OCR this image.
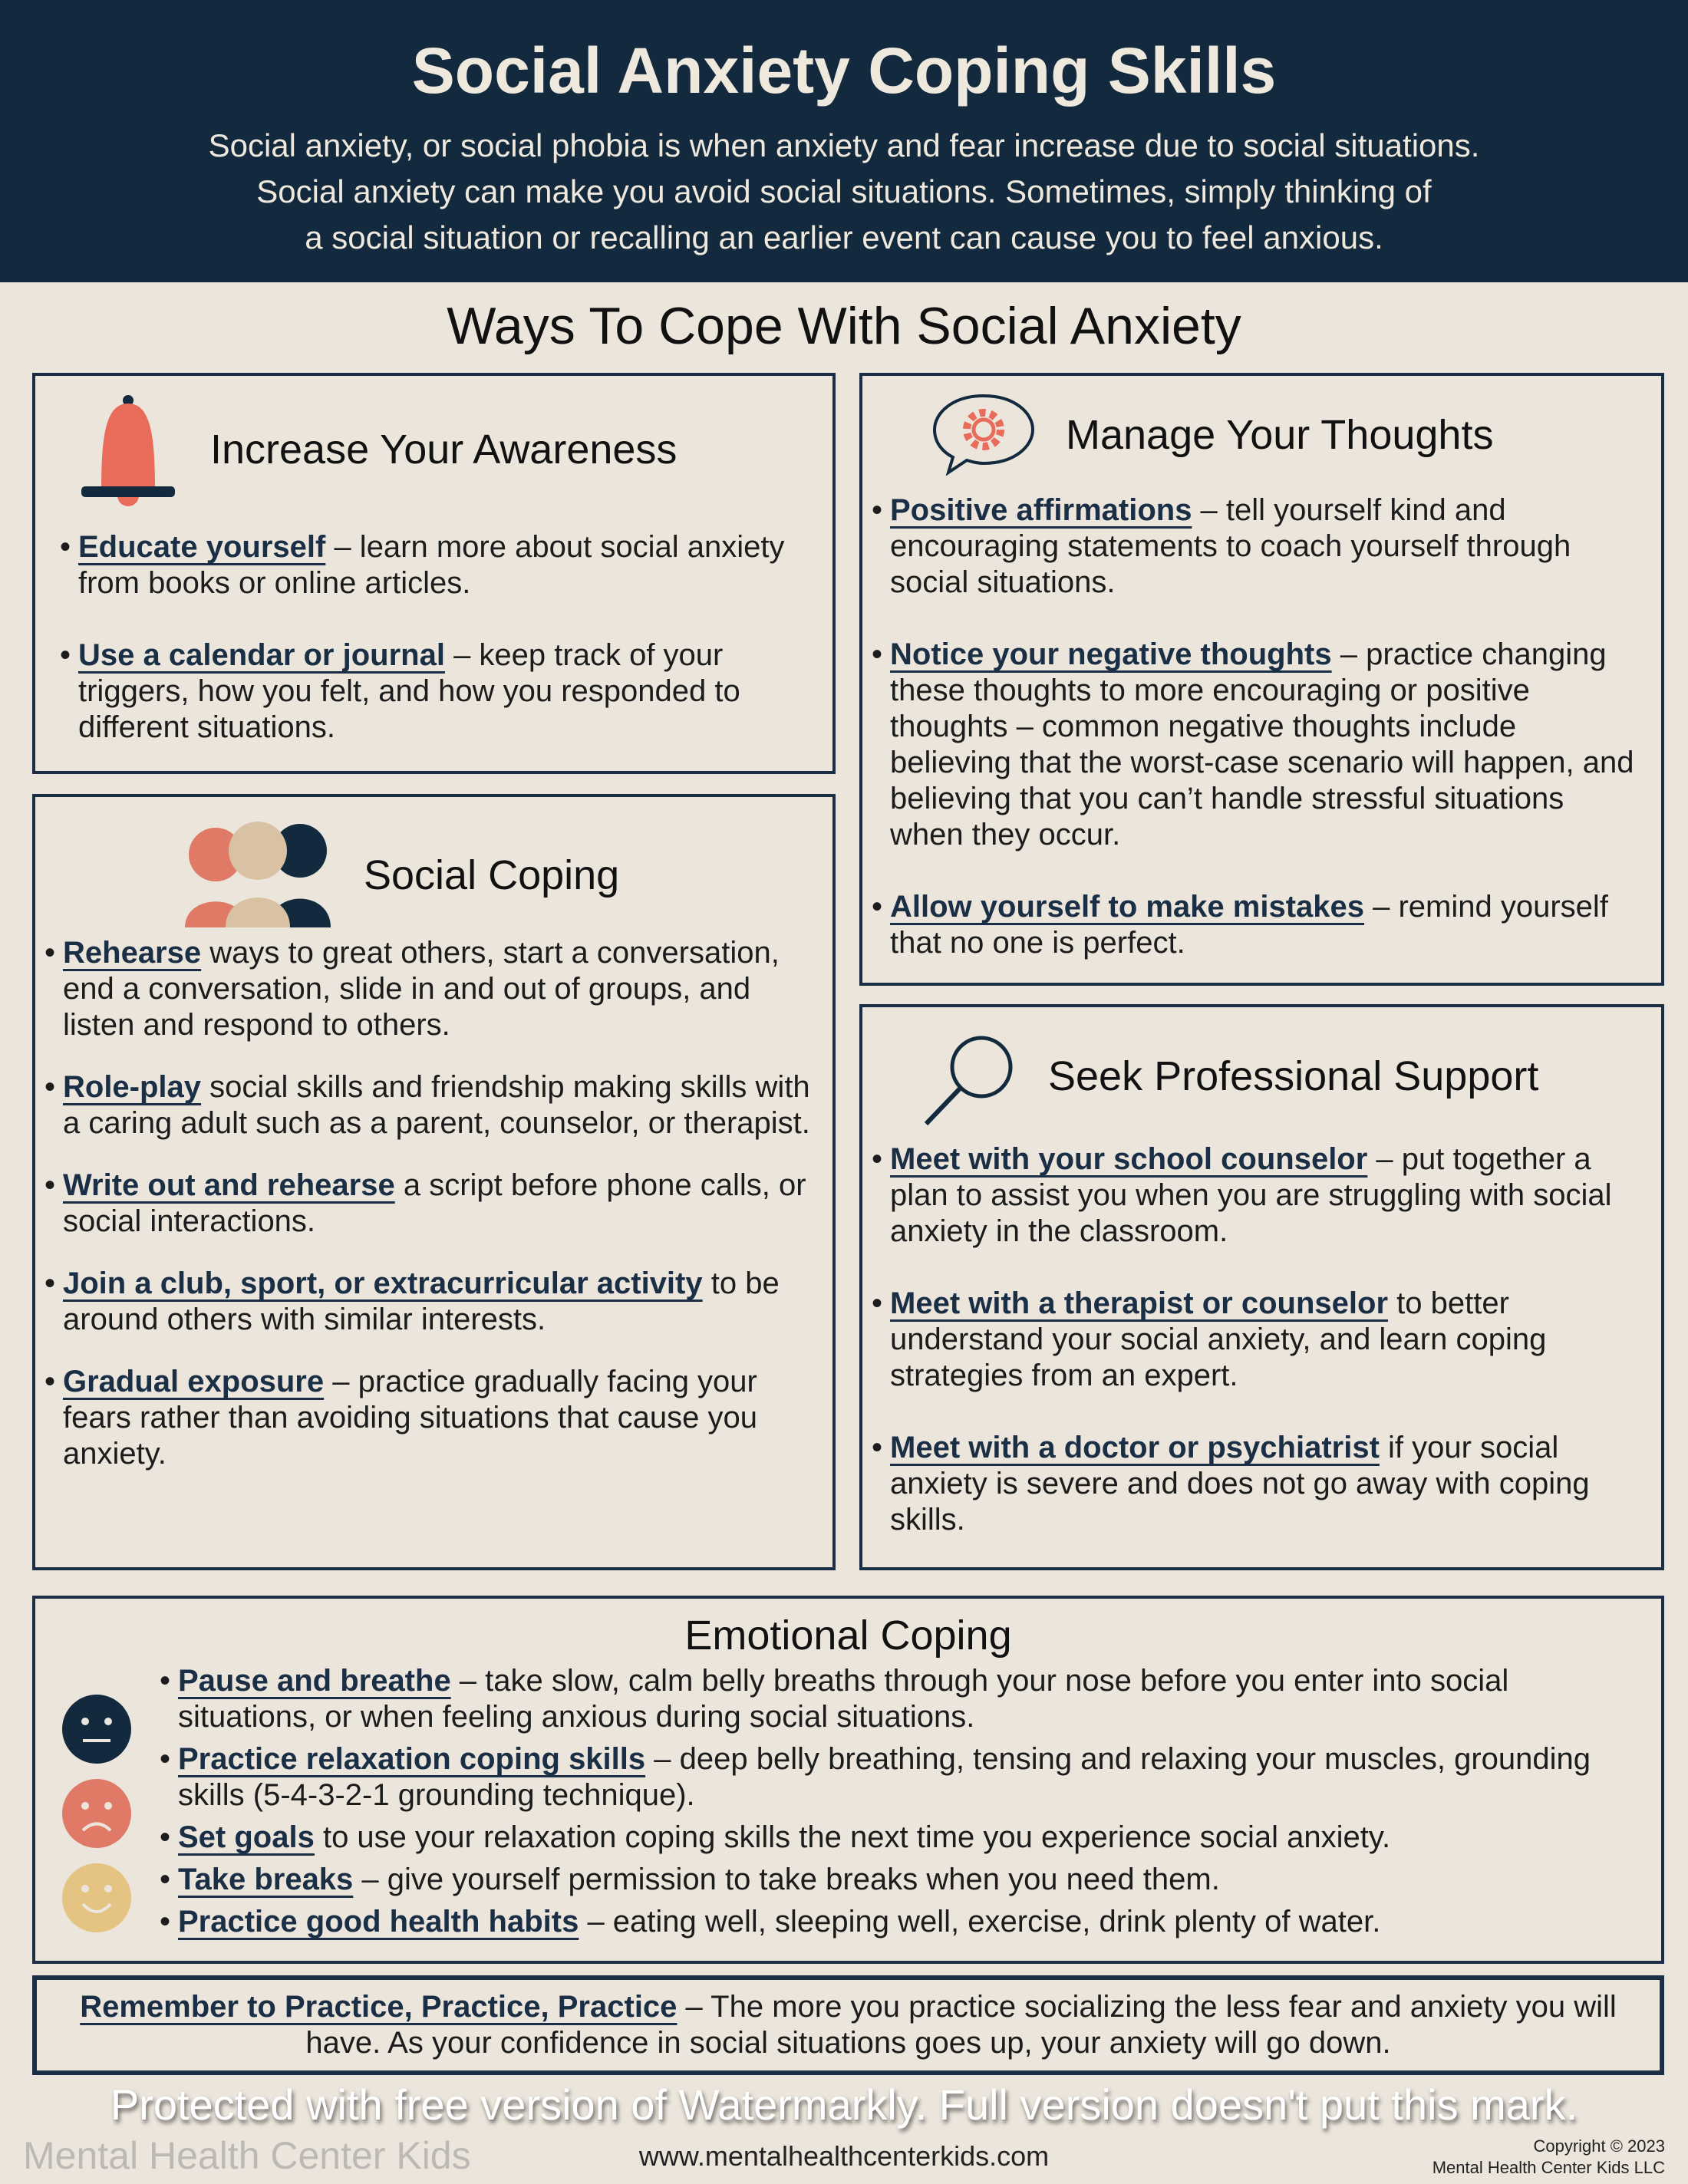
Social Anxiety Coping Skills
Social anxiety, or social phobia is when anxiety and fear increase due to social situations.
Social anxiety can make you avoid social situations. Sometimes, simply thinking of
a social situation or recalling an earlier event can cause you to feel anxious.
Ways To Cope With Social Anxiety
Increase Your Awareness
• Educate yourself – learn more about social anxiety from books or online articles.
• Use a calendar or journal – keep track of your triggers, how you felt, and how you responded to different situations.
Social Coping
• Rehearse ways to great others, start a conversation, end a conversation, slide in and out of groups, and listen and respond to others.
• Role-play social skills and friendship making skills with a caring adult such as a parent, counselor, or therapist.
• Write out and rehearse a script before phone calls, or social interactions.
• Join a club, sport, or extracurricular activity to be around others with similar interests.
• Gradual exposure – practice gradually facing your fears rather than avoiding situations that cause you anxiety.
Manage Your Thoughts
• Positive affirmations – tell yourself kind and encouraging statements to coach yourself through social situations.
• Notice your negative thoughts – practice changing these thoughts to more encouraging or positive thoughts – common negative thoughts include believing that the worst-case scenario will happen, and believing that you can’t handle stressful situations when they occur.
• Allow yourself to make mistakes – remind yourself that no one is perfect.
Seek Professional Support
• Meet with your school counselor – put together a plan to assist you when you are struggling with social anxiety in the classroom.
• Meet with a therapist or counselor to better understand your social anxiety, and learn coping strategies from an expert.
• Meet with a doctor or psychiatrist if your social anxiety is severe and does not go away with coping skills.
Emotional Coping
• Pause and breathe – take slow, calm belly breaths through your nose before you enter into social situations, or when feeling anxious during social situations.
• Practice relaxation coping skills – deep belly breathing, tensing and relaxing your muscles, grounding skills (5-4-3-2-1 grounding technique).
• Set goals to use your relaxation coping skills the next time you experience social anxiety.
• Take breaks – give yourself permission to take breaks when you need them.
• Practice good health habits – eating well, sleeping well, exercise, drink plenty of water.
Remember to Practice, Practice, Practice – The more you practice socializing the less fear and anxiety you will have. As your confidence in social situations goes up, your anxiety will go down.
Protected with free version of Watermarkly. Full version doesn't put this mark.
Mental Health Center Kids	www.mentalhealthcenterkids.com	Copyright © 2023
Mental Health Center Kids LLC
